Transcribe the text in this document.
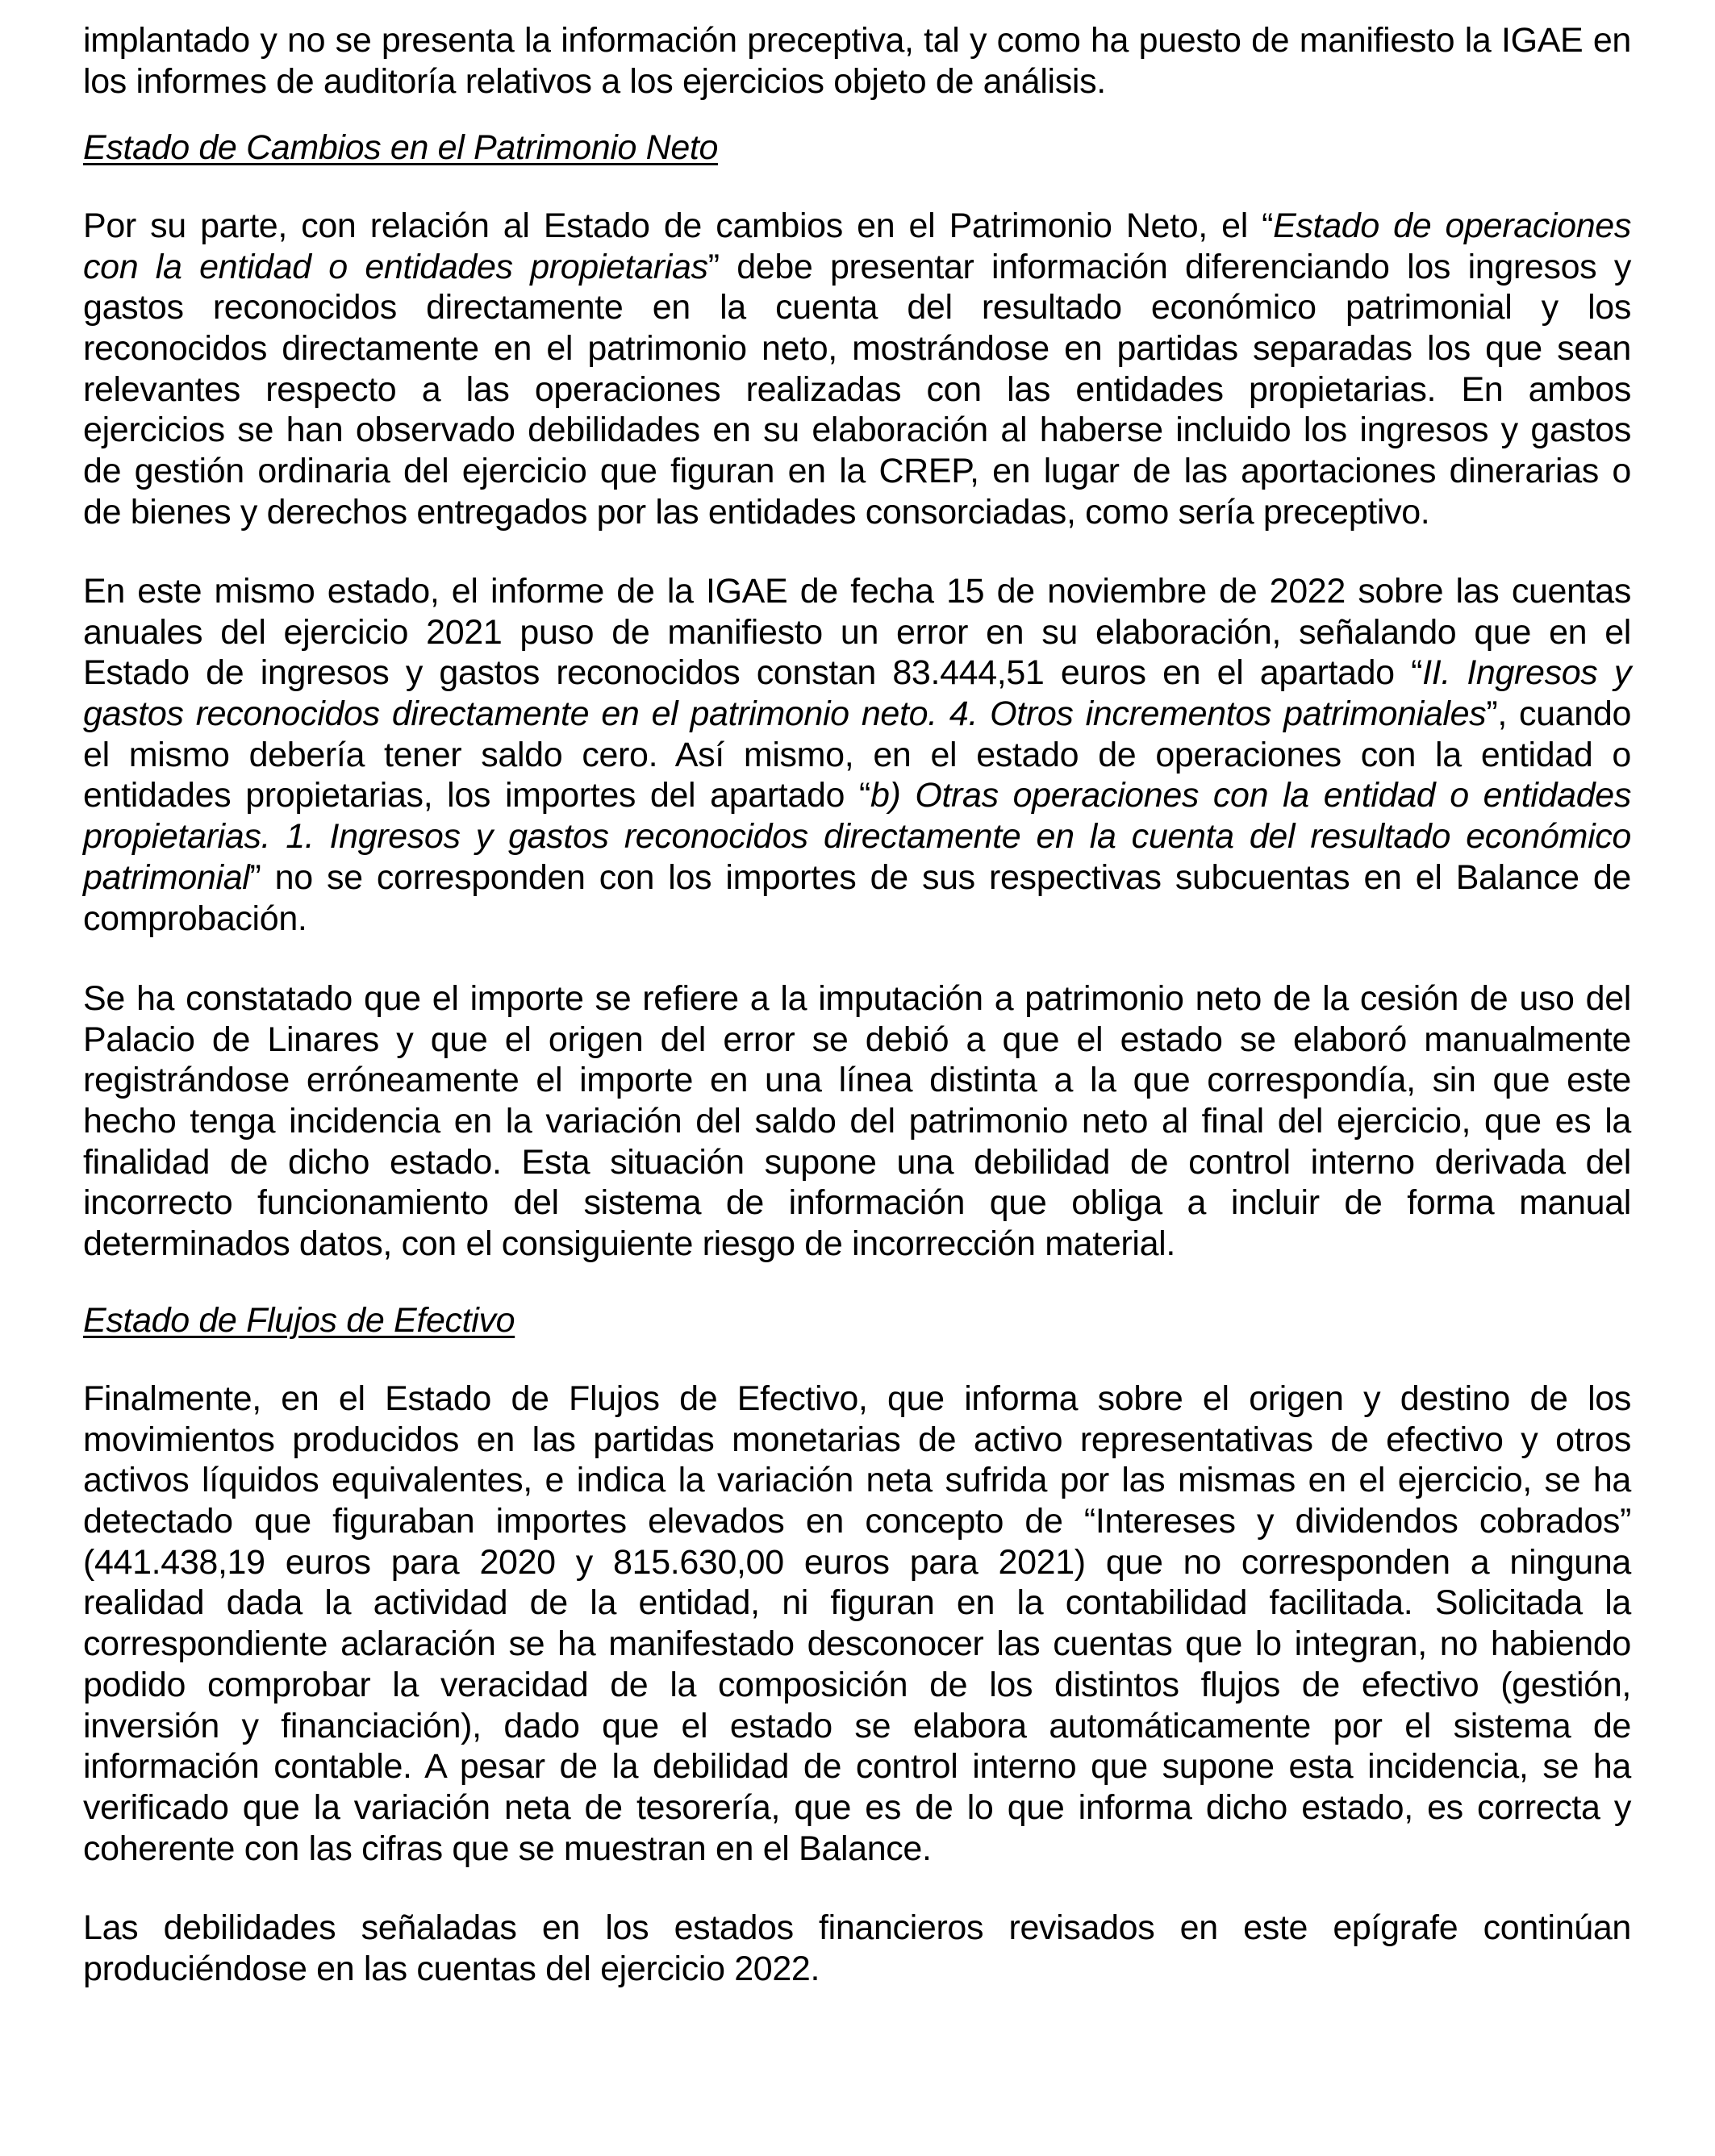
implantado y no se presenta la información preceptiva, tal y como ha puesto de manifiesto la IGAE en
los informes de auditoría relativos a los ejercicios objeto de análisis.
Estado de Cambios en el Patrimonio Neto
Por su parte, con relación al Estado de cambios en el Patrimonio Neto, el “Estado de operaciones
con la entidad o entidades propietarias” debe presentar información diferenciando los ingresos y
gastos reconocidos directamente en la cuenta del resultado económico patrimonial y los
reconocidos directamente en el patrimonio neto, mostrándose en partidas separadas los que sean
relevantes respecto a las operaciones realizadas con las entidades propietarias. En ambos
ejercicios se han observado debilidades en su elaboración al haberse incluido los ingresos y gastos
de gestión ordinaria del ejercicio que figuran en la CREP, en lugar de las aportaciones dinerarias o
de bienes y derechos entregados por las entidades consorciadas, como sería preceptivo.
En este mismo estado, el informe de la IGAE de fecha 15 de noviembre de 2022 sobre las cuentas
anuales del ejercicio 2021 puso de manifiesto un error en su elaboración, señalando que en el
Estado de ingresos y gastos reconocidos constan 83.444,51 euros en el apartado “II. Ingresos y
gastos reconocidos directamente en el patrimonio neto. 4. Otros incrementos patrimoniales”, cuando
el mismo debería tener saldo cero. Así mismo, en el estado de operaciones con la entidad o
entidades propietarias, los importes del apartado “b) Otras operaciones con la entidad o entidades
propietarias. 1. Ingresos y gastos reconocidos directamente en la cuenta del resultado económico
patrimonial” no se corresponden con los importes de sus respectivas subcuentas en el Balance de
comprobación.
Se ha constatado que el importe se refiere a la imputación a patrimonio neto de la cesión de uso del
Palacio de Linares y que el origen del error se debió a que el estado se elaboró manualmente
registrándose erróneamente el importe en una línea distinta a la que correspondía, sin que este
hecho tenga incidencia en la variación del saldo del patrimonio neto al final del ejercicio, que es la
finalidad de dicho estado. Esta situación supone una debilidad de control interno derivada del
incorrecto funcionamiento del sistema de información que obliga a incluir de forma manual
determinados datos, con el consiguiente riesgo de incorrección material.
Estado de Flujos de Efectivo
Finalmente, en el Estado de Flujos de Efectivo, que informa sobre el origen y destino de los
movimientos producidos en las partidas monetarias de activo representativas de efectivo y otros
activos líquidos equivalentes, e indica la variación neta sufrida por las mismas en el ejercicio, se ha
detectado que figuraban importes elevados en concepto de “Intereses y dividendos cobrados”
(441.438,19 euros para 2020 y 815.630,00 euros para 2021) que no corresponden a ninguna
realidad dada la actividad de la entidad, ni figuran en la contabilidad facilitada. Solicitada la
correspondiente aclaración se ha manifestado desconocer las cuentas que lo integran, no habiendo
podido comprobar la veracidad de la composición de los distintos flujos de efectivo (gestión,
inversión y financiación), dado que el estado se elabora automáticamente por el sistema de
información contable. A pesar de la debilidad de control interno que supone esta incidencia, se ha
verificado que la variación neta de tesorería, que es de lo que informa dicho estado, es correcta y
coherente con las cifras que se muestran en el Balance.
Las debilidades señaladas en los estados financieros revisados en este epígrafe continúan
produciéndose en las cuentas del ejercicio 2022.
